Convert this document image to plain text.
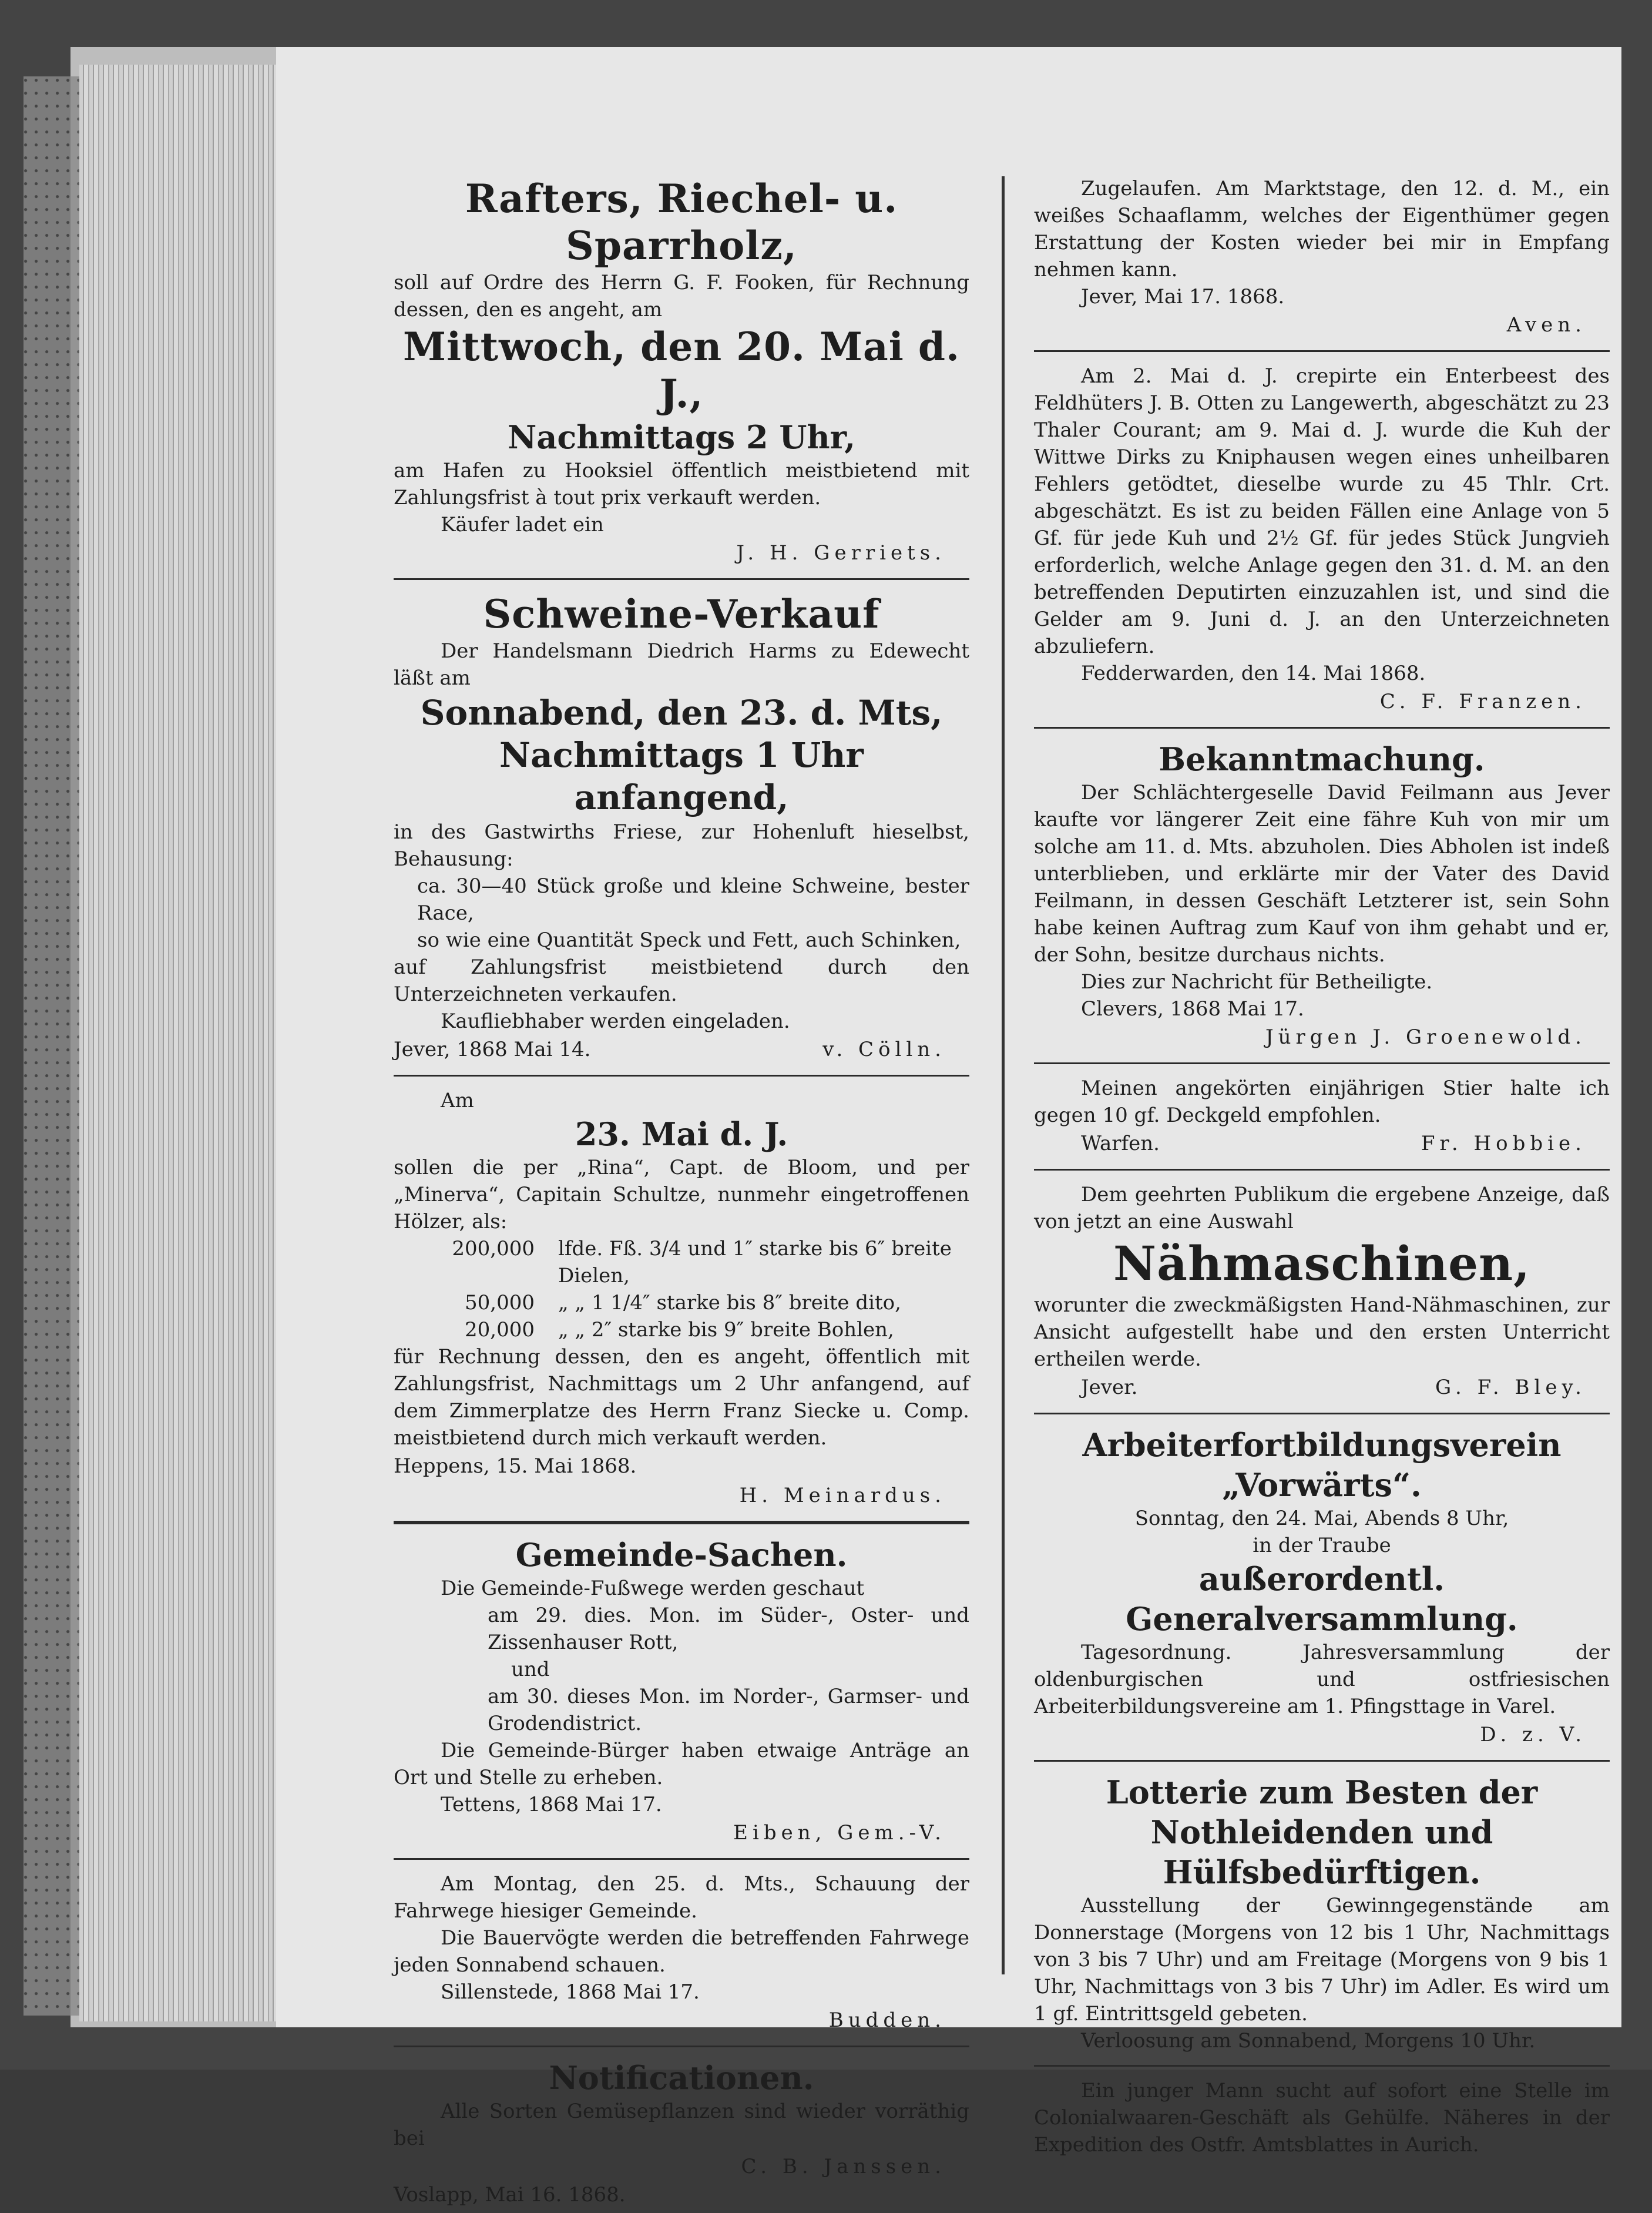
Rafters, Riechel- u. Sparrholz,
soll auf Ordre des Herrn G. F. Fooken, für Rechnung dessen, den es angeht, am
Mittwoch, den 20. Mai d. J.,
Nachmittags 2 Uhr,
am Hafen zu Hooksiel öffentlich meistbietend mit Zahlungsfrist à tout prix verkauft werden.
Käufer ladet ein
J. H. Gerriets.
Schweine-Verkauf
Der Handelsmann Diedrich Harms zu Edewecht läßt am
Sonnabend, den 23. d. Mts,
Nachmittags 1 Uhr anfangend,
in des Gastwirths Friese, zur Hohenluft hieselbst, Behausung:
ca. 30—40 Stück große und kleine Schweine, bester Race,
so wie eine Quantität Speck und Fett, auch Schinken,
auf Zahlungsfrist meistbietend durch den Unterzeichneten verkaufen.
Kaufliebhaber werden eingeladen.
Jever, 1868 Mai 14.	v. Cölln.
Am
23. Mai d. J.
sollen die per „Rina“, Capt. de Bloom, und per „Minerva“, Capitain Schultze, nunmehr eingetroffenen Hölzer, als:
200,000 lfde. Fß. 3/4 und 1″ starke bis 6″ breite Dielen,
50,000 „ „ 1 1/4″ starke bis 8″ breite dito,
20,000 „ „ 2″ starke bis 9″ breite Bohlen,
für Rechnung dessen, den es angeht, öffentlich mit Zahlungsfrist, Nachmittags um 2 Uhr anfangend, auf dem Zimmerplatze des Herrn Franz Siecke u. Comp. meistbietend durch mich verkauft werden.
Heppens, 15. Mai 1868.
H. Meinardus.
Gemeinde-Sachen.
Die Gemeinde-Fußwege werden geschaut
am 29. dies. Mon. im Süder-, Oster- und Zissenhauser Rott,
und
am 30. dieses Mon. im Norder-, Garmser- und Grodendistrict.
Die Gemeinde-Bürger haben etwaige Anträge an Ort und Stelle zu erheben.
Tettens, 1868 Mai 17.
Eiben, Gem.-V.
Am Montag, den 25. d. Mts., Schauung der Fahrwege hiesiger Gemeinde.
Die Bauervögte werden die betreffenden Fahrwege jeden Sonnabend schauen.
Sillenstede, 1868 Mai 17.
Budden.
Notificationen.
Alle Sorten Gemüsepflanzen sind wieder vorräthig bei
C. B. Janssen.
Voslapp, Mai 16. 1868.
Zugelaufen. Am Marktstage, den 12. d. M., ein weißes Schaaflamm, welches der Eigenthümer gegen Erstattung der Kosten wieder bei mir in Empfang nehmen kann.
Jever, Mai 17. 1868.
Aven.
Am 2. Mai d. J. crepirte ein Enterbeest des Feldhüters J. B. Otten zu Langewerth, abgeschätzt zu 23 Thaler Courant; am 9. Mai d. J. wurde die Kuh der Wittwe Dirks zu Kniphausen wegen eines unheilbaren Fehlers getödtet, dieselbe wurde zu 45 Thlr. Crt. abgeschätzt. Es ist zu beiden Fällen eine Anlage von 5 Gf. für jede Kuh und 2½ Gf. für jedes Stück Jungvieh erforderlich, welche Anlage gegen den 31. d. M. an den betreffenden Deputirten einzuzahlen ist, und sind die Gelder am 9. Juni d. J. an den Unterzeichneten abzuliefern.
Fedderwarden, den 14. Mai 1868.
C. F. Franzen.
Bekanntmachung.
Der Schlächtergeselle David Feilmann aus Jever kaufte vor längerer Zeit eine fähre Kuh von mir um solche am 11. d. Mts. abzuholen. Dies Abholen ist indeß unterblieben, und erklärte mir der Vater des David Feilmann, in dessen Geschäft Letzterer ist, sein Sohn habe keinen Auftrag zum Kauf von ihm gehabt und er, der Sohn, besitze durchaus nichts.
Dies zur Nachricht für Betheiligte.
Clevers, 1868 Mai 17.
Jürgen J. Groenewold.
Meinen angekörten einjährigen Stier halte ich gegen 10 gf. Deckgeld empfohlen.
Warfen.	Fr. Hobbie.
Dem geehrten Publikum die ergebene Anzeige, daß von jetzt an eine Auswahl
Nähmaschinen,
worunter die zweckmäßigsten Hand-Nähmaschinen, zur Ansicht aufgestellt habe und den ersten Unterricht ertheilen werde.
Jever.	G. F. Bley.
Arbeiterfortbildungsverein
„Vorwärts“.
Sonntag, den 24. Mai, Abends 8 Uhr,
in der Traube
außerordentl. Generalversammlung.
Tagesordnung. Jahresversammlung der oldenburgischen und ostfriesischen Arbeiterbildungsvereine am 1. Pfingsttage in Varel.
D. z. V.
Lotterie zum Besten der Nothleidenden und Hülfsbedürftigen.
Ausstellung der Gewinngegenstände am Donnerstage (Morgens von 12 bis 1 Uhr, Nachmittags von 3 bis 7 Uhr) und am Freitage (Morgens von 9 bis 1 Uhr, Nachmittags von 3 bis 7 Uhr) im Adler. Es wird um 1 gf. Eintrittsgeld gebeten.
Verloosung am Sonnabend, Morgens 10 Uhr.
Ein junger Mann sucht auf sofort eine Stelle im Colonialwaaren-Geschäft als Gehülfe. Näheres in der Expedition des Ostfr. Amtsblattes in Aurich.
